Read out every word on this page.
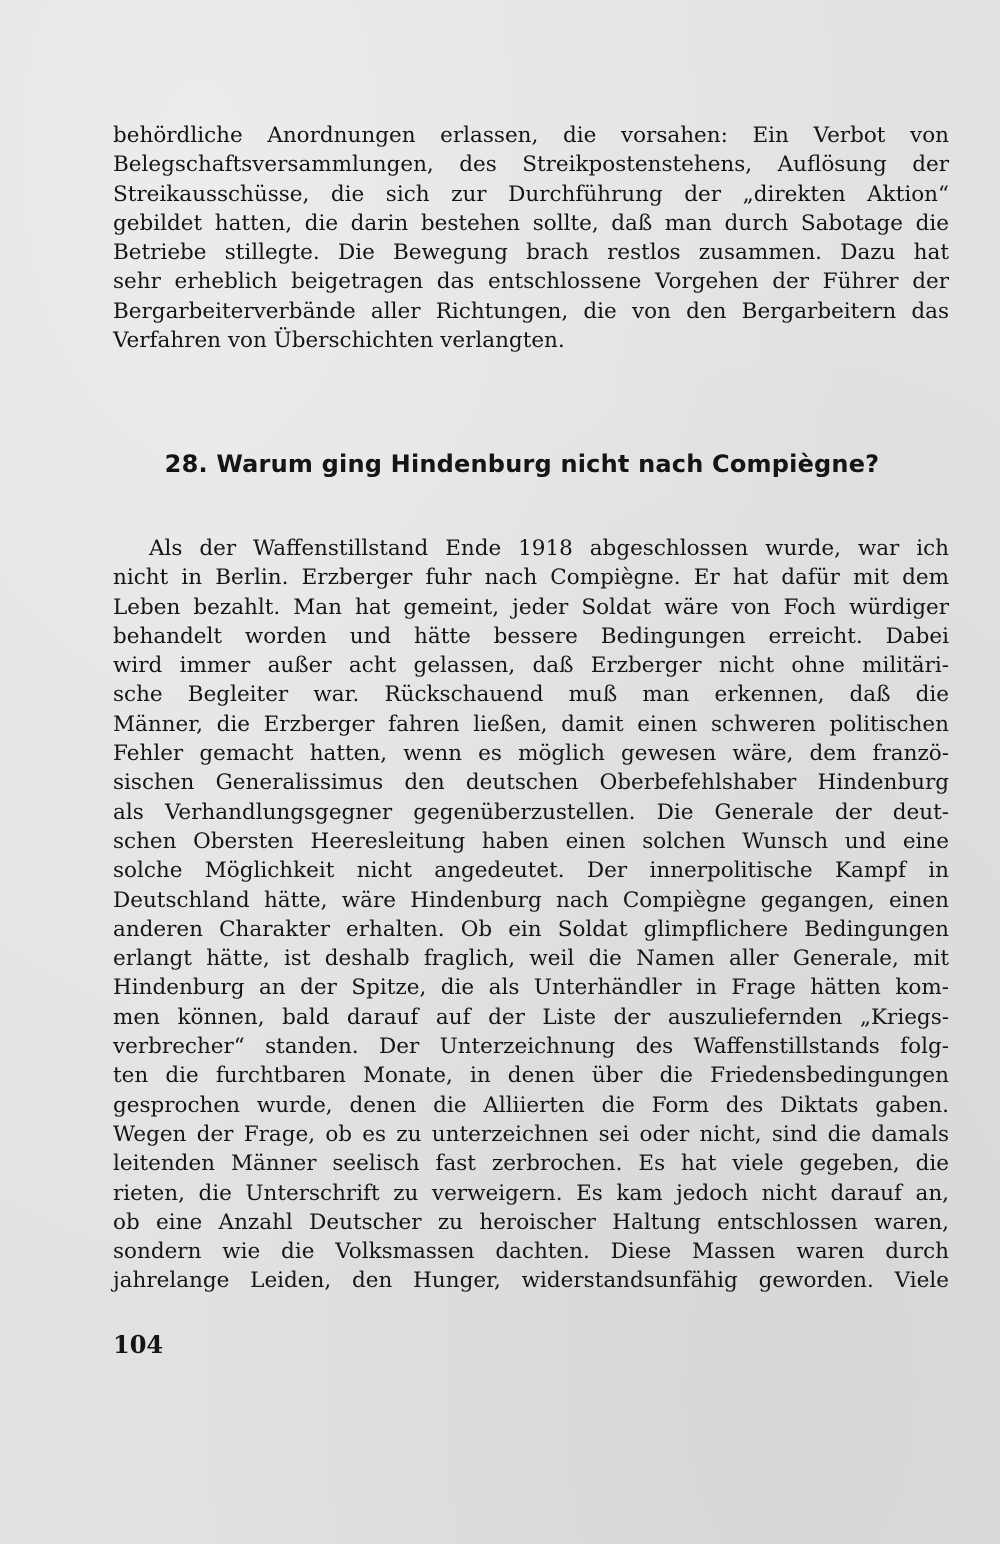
behördliche Anordnungen erlassen, die vorsahen: Ein Verbot von
Belegschaftsversammlungen, des Streikpostenstehens, Auflösung der
Streikausschüsse, die sich zur Durchführung der „direkten Aktion“
gebildet hatten, die darin bestehen sollte, daß man durch Sabotage die
Betriebe stillegte. Die Bewegung brach restlos zusammen. Dazu hat
sehr erheblich beigetragen das entschlossene Vorgehen der Führer der
Bergarbeiterverbände aller Richtungen, die von den Bergarbeitern das
Verfahren von Überschichten verlangten.
28. Warum ging Hindenburg nicht nach Compiègne?
Als der Waffenstillstand Ende 1918 abgeschlossen wurde, war ich
nicht in Berlin. Erzberger fuhr nach Compiègne. Er hat dafür mit dem
Leben bezahlt. Man hat gemeint, jeder Soldat wäre von Foch würdiger
behandelt worden und hätte bessere Bedingungen erreicht. Dabei
wird immer außer acht gelassen, daß Erzberger nicht ohne militäri-
sche Begleiter war. Rückschauend muß man erkennen, daß die
Männer, die Erzberger fahren ließen, damit einen schweren politischen
Fehler gemacht hatten, wenn es möglich gewesen wäre, dem franzö-
sischen Generalissimus den deutschen Oberbefehlshaber Hindenburg
als Verhandlungsgegner gegenüberzustellen. Die Generale der deut-
schen Obersten Heeresleitung haben einen solchen Wunsch und eine
solche Möglichkeit nicht angedeutet. Der innerpolitische Kampf in
Deutschland hätte, wäre Hindenburg nach Compiègne gegangen, einen
anderen Charakter erhalten. Ob ein Soldat glimpflichere Bedingungen
erlangt hätte, ist deshalb fraglich, weil die Namen aller Generale, mit
Hindenburg an der Spitze, die als Unterhändler in Frage hätten kom-
men können, bald darauf auf der Liste der auszuliefernden „Kriegs-
verbrecher“ standen. Der Unterzeichnung des Waffenstillstands folg-
ten die furchtbaren Monate, in denen über die Friedensbedingungen
gesprochen wurde, denen die Alliierten die Form des Diktats gaben.
Wegen der Frage, ob es zu unterzeichnen sei oder nicht, sind die damals
leitenden Männer seelisch fast zerbrochen. Es hat viele gegeben, die
rieten, die Unterschrift zu verweigern. Es kam jedoch nicht darauf an,
ob eine Anzahl Deutscher zu heroischer Haltung entschlossen waren,
sondern wie die Volksmassen dachten. Diese Massen waren durch
jahrelange Leiden, den Hunger, widerstandsunfähig geworden. Viele
104
